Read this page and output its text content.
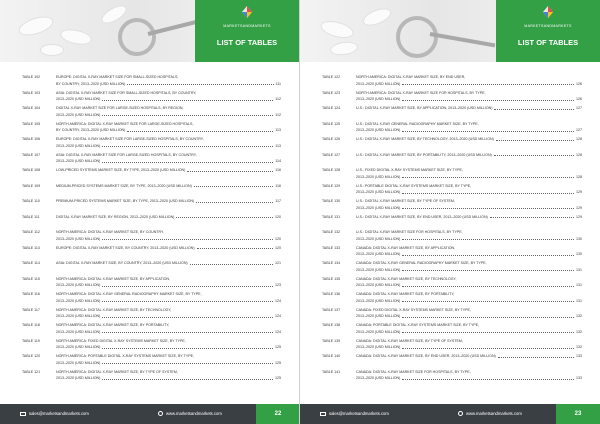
MARKETSANDMARKETS
LIST OF TABLES
TABLE 102	EUROPE: DIGITAL X-RAY MARKET SIZE FOR SMALL-SIZED HOSPITALS,
BY COUNTRY, 2013–2020 (USD MILLION)	111
TABLE 103	ASIA: DIGITAL X-RAY MARKET SIZE FOR SMALL-SIZED HOSPITALS, BY COUNTRY,
2013–2020 (USD MILLION)	112
TABLE 104	DIGITAL X-RAY MARKET SIZE FOR LARGE-SIZED HOSPITALS, BY REGION,
2013–2020 (USD MILLION)	112
TABLE 105	NORTH AMERICA: DIGITAL X-RAY MARKET SIZE FOR LARGE-SIZED HOSPITALS,
BY COUNTRY, 2013–2020 (USD MILLION)	113
TABLE 106	EUROPE: DIGITAL X-RAY MARKET SIZE FOR LARGE-SIZED HOSPITALS, BY COUNTRY,
2013–2020 (USD MILLION)	113
TABLE 107	ASIA: DIGITAL X-RAY MARKET SIZE FOR LARGE-SIZED HOSPITALS, BY COUNTRY,
2013–2020 (USD MILLION)	114
TABLE 108	LOW-PRICED SYSTEMS MARKET SIZE, BY TYPE, 2013–2020 (USD MILLION)	116
TABLE 109	MEDIUM-PRICED SYSTEMS MARKET SIZE, BY TYPE, 2013–2020 (USD MILLION)	116
TABLE 110	PREMIUM-PRICED SYSTEMS MARKET SIZE, BY TYPE, 2013–2020 (USD MILLION)	117
TABLE 111	DIGITAL X-RAY MARKET SIZE, BY REGION, 2013–2020 (USD MILLION)	120
TABLE 112	NORTH AMERICA: DIGITAL X-RAY MARKET SIZE, BY COUNTRY,
2013–2020 (USD MILLION)	120
TABLE 113	EUROPE: DIGITAL X-RAY MARKET SIZE, BY COUNTRY, 2013–2020 (USD MILLION)	120
TABLE 114	ASIA: DIGITAL X-RAY MARKET SIZE, BY COUNTRY, 2013–2020 (USD MILLION)	121
TABLE 115	NORTH AMERICA: DIGITAL X-RAY MARKET SIZE, BY APPLICATION,
2013–2020 (USD MILLION)	123
TABLE 116	NORTH AMERICA: DIGITAL X-RAY GENERAL RADIOGRAPHY MARKET SIZE, BY TYPE,
2013–2020 (USD MILLION)	124
TABLE 117	NORTH AMERICA: DIGITAL X-RAY MARKET SIZE, BY TECHNOLOGY,
2013–2020 (USD MILLION)	124
TABLE 118	NORTH AMERICA: DIGITAL X-RAY MARKET SIZE, BY PORTABILITY,
2013–2020 (USD MILLION)	124
TABLE 119	NORTH AMERICA: FIXED DIGITAL X-RAY SYSTEMS MARKET SIZE, BY TYPE,
2013–2020 (USD MILLION)	125
TABLE 120	NORTH AMERICA: PORTABLE DIGITAL X-RAY SYSTEMS MARKET SIZE, BY TYPE,
2013–2020 (USD MILLION)	125
TABLE 121	NORTH AMERICA: DIGITAL X-RAY MARKET SIZE, BY TYPE OF SYSTEM,
2013–2020 (USD MILLION)	125
sales@marketsandmarkets.com	www.marketsandmarkets.com	22
MARKETSANDMARKETS
LIST OF TABLES
TABLE 122	NORTH AMERICA: DIGITAL X-RAY MARKET SIZE, BY END USER,
2013–2020 (USD MILLION)	126
TABLE 123	NORTH AMERICA: DIGITAL X-RAY MARKET SIZE FOR HOSPITALS, BY TYPE,
2013–2020 (USD MILLION)	126
TABLE 124	U.S.: DIGITAL X-RAY MARKET SIZE, BY APPLICATION, 2013–2020 (USD MILLION)	127
TABLE 125	U.S.: DIGITAL X-RAY GENERAL RADIOGRAPHY MARKET SIZE, BY TYPE,
2013–2020 (USD MILLION)	127
TABLE 126	U.S.: DIGITAL X-RAY MARKET SIZE, BY TECHNOLOGY, 2013–2020 (USD MILLION)	128
TABLE 127	U.S.: DIGITAL X-RAY MARKET SIZE, BY PORTABILITY, 2013–2020 (USD MILLION)	128
TABLE 128	U.S.: FIXED DIGITAL X-RAY SYSTEMS MARKET SIZE, BY TYPE,
2013–2020 (USD MILLION)	128
TABLE 129	U.S.: PORTABLE DIGITAL X-RAY SYSTEMS MARKET SIZE, BY TYPE,
2013–2020 (USD MILLION)	129
TABLE 130	U.S.: DIGITAL X-RAY MARKET SIZE, BY TYPE OF SYSTEM,
2013–2020 (USD MILLION)	129
TABLE 131	U.S.: DIGITAL X-RAY MARKET SIZE, BY END USER, 2013–2020 (USD MILLION)	129
TABLE 132	U.S.: DIGITAL X-RAY MARKET SIZE FOR HOSPITALS, BY TYPE,
2013–2020 (USD MILLION)	130
TABLE 133	CANADA: DIGITAL X-RAY MARKET SIZE, BY APPLICATION,
2013–2020 (USD MILLION)	130
TABLE 134	CANADA: DIGITAL X-RAY GENERAL RADIOGRAPHY MARKET SIZE, BY TYPE,
2013–2020 (USD MILLION)	131
TABLE 135	CANADA: DIGITAL X-RAY MARKET SIZE, BY TECHNOLOGY,
2013–2020 (USD MILLION)	131
TABLE 136	CANADA: DIGITAL X-RAY MARKET SIZE, BY PORTABILITY,
2013–2020 (USD MILLION)	131
TABLE 137	CANADA: FIXED DIGITAL X-RAY SYSTEMS MARKET SIZE, BY TYPE,
2013–2020 (USD MILLION)	132
TABLE 138	CANADA: PORTABLE DIGITAL X-RAY SYSTEMS MARKET SIZE, BY TYPE,
2013–2020 (USD MILLION)	132
TABLE 139	CANADA: DIGITAL X-RAY MARKET SIZE, BY TYPE OF SYSTEM,
2013–2020 (USD MILLION)	132
TABLE 140	CANADA: DIGITAL X-RAY MARKET SIZE, BY END USER, 2013–2020 (USD MILLION)	133
TABLE 141	CANADA: DIGITAL X-RAY MARKET SIZE FOR HOSPITALS, BY TYPE,
2013–2020 (USD MILLION)	133
sales@marketsandmarkets.com	www.marketsandmarkets.com	23
